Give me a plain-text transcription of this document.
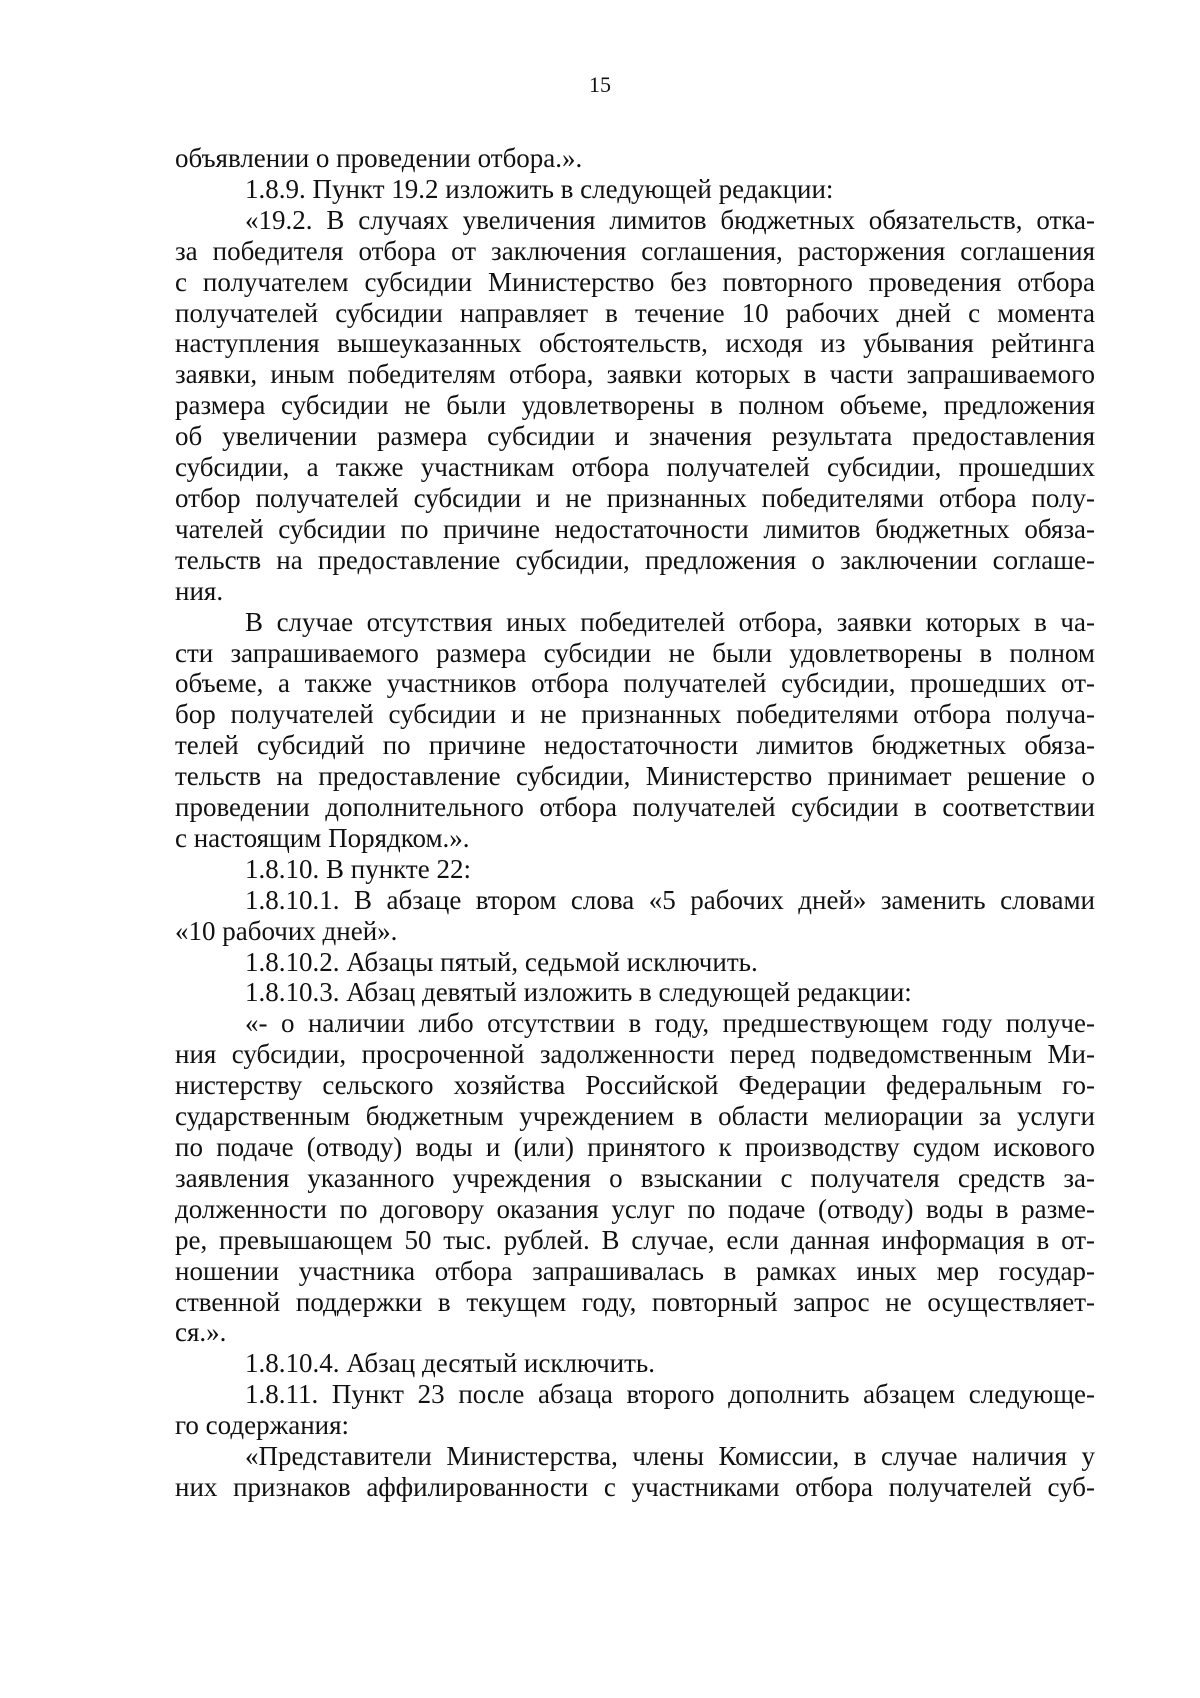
15
объявлении о проведении отбора.».
1.8.9. Пункт 19.2 изложить в следующей редакции:
«19.2. В случаях увеличения лимитов бюджетных обязательств, отка-
за победителя отбора от заключения соглашения, расторжения соглашения
с получателем субсидии Министерство без повторного проведения отбора
получателей субсидии направляет в течение 10 рабочих дней с момента
наступления вышеуказанных обстоятельств, исходя из убывания рейтинга
заявки, иным победителям отбора, заявки которых в части запрашиваемого
размера субсидии не были удовлетворены в полном объеме, предложения
об увеличении размера субсидии и значения результата предоставления
субсидии, а также участникам отбора получателей субсидии, прошедших
отбор получателей субсидии и не признанных победителями отбора полу-
чателей субсидии по причине недостаточности лимитов бюджетных обяза-
тельств на предоставление субсидии, предложения о заключении соглаше-
ния.
В случае отсутствия иных победителей отбора, заявки которых в ча-
сти запрашиваемого размера субсидии не были удовлетворены в полном
объеме, а также участников отбора получателей субсидии, прошедших от-
бор получателей субсидии и не признанных победителями отбора получа-
телей субсидий по причине недостаточности лимитов бюджетных обяза-
тельств на предоставление субсидии, Министерство принимает решение о
проведении дополнительного отбора получателей субсидии в соответствии
с настоящим Порядком.».
1.8.10. В пункте 22:
1.8.10.1. В абзаце втором слова «5 рабочих дней» заменить словами
«10 рабочих дней».
1.8.10.2. Абзацы пятый, седьмой исключить.
1.8.10.3. Абзац девятый изложить в следующей редакции:
«- о наличии либо отсутствии в году, предшествующем году получе-
ния субсидии, просроченной задолженности перед подведомственным Ми-
нистерству сельского хозяйства Российской Федерации федеральным го-
сударственным бюджетным учреждением в области мелиорации за услуги
по подаче (отводу) воды и (или) принятого к производству судом искового
заявления указанного учреждения о взыскании с получателя средств за-
долженности по договору оказания услуг по подаче (отводу) воды в разме-
ре, превышающем 50 тыс. рублей. В случае, если данная информация в от-
ношении участника отбора запрашивалась в рамках иных мер государ-
ственной поддержки в текущем году, повторный запрос не осуществляет-
ся.».
1.8.10.4. Абзац десятый исключить.
1.8.11. Пункт 23 после абзаца второго дополнить абзацем следующе-
го содержания:
«Представители Министерства, члены Комиссии, в случае наличия у
них признаков аффилированности с участниками отбора получателей суб-
